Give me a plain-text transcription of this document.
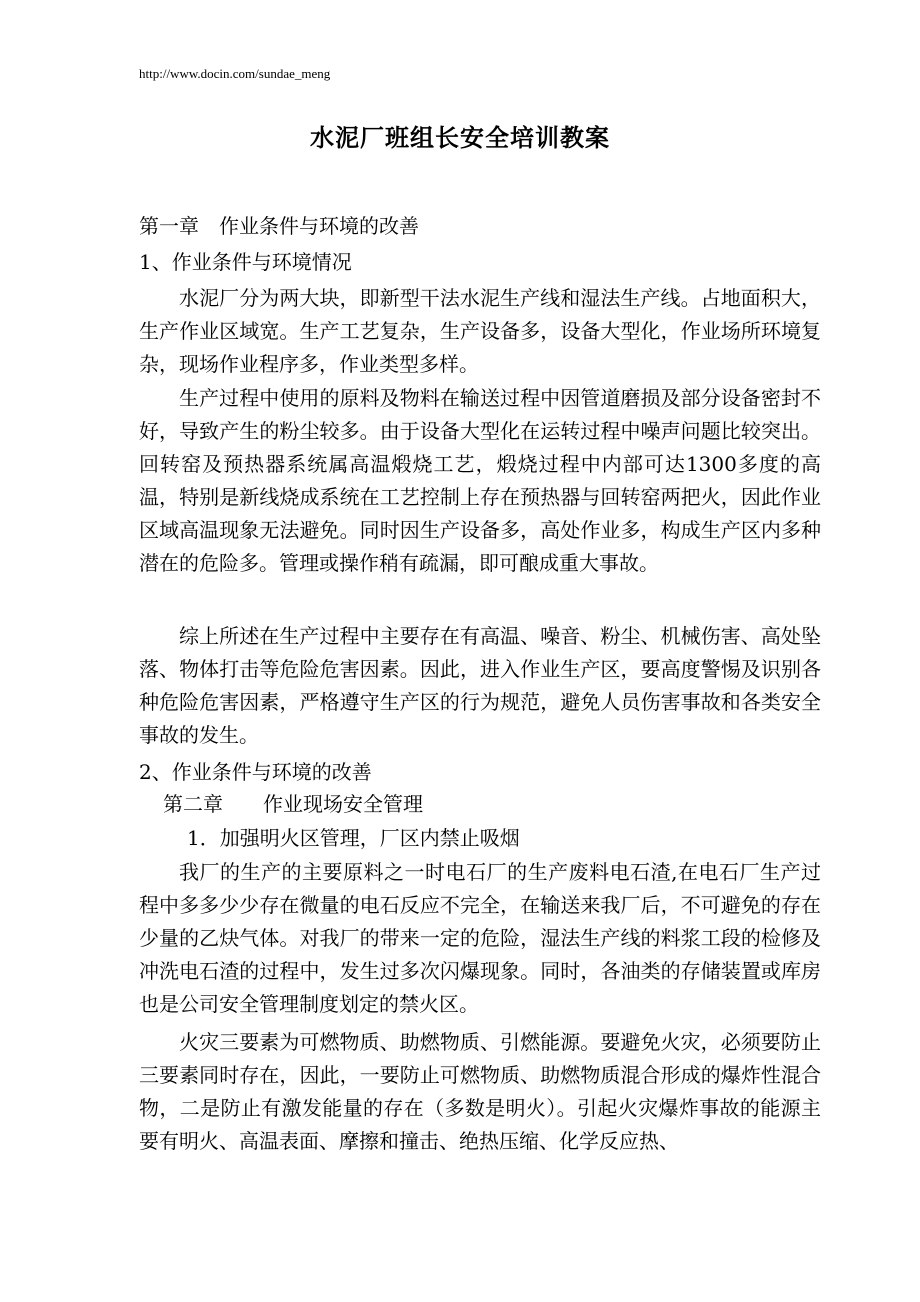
http://www.docin.com/sundae_meng
水泥厂班组长安全培训教案
第一章　作业条件与环境的改善
1、作业条件与环境情况
水泥厂分为两大块，即新型干法水泥生产线和湿法生产线。占地面积大，生产作业区域宽。生产工艺复杂，生产设备多，设备大型化，作业场所环境复杂，现场作业程序多，作业类型多样。
生产过程中使用的原料及物料在输送过程中因管道磨损及部分设备密封不好，导致产生的粉尘较多。由于设备大型化在运转过程中噪声问题比较突出。回转窑及预热器系统属高温煅烧工艺，煅烧过程中内部可达1300多度的高温，特别是新线烧成系统在工艺控制上存在预热器与回转窑两把火，因此作业区域高温现象无法避免。同时因生产设备多，高处作业多，构成生产区内多种潜在的危险多。管理或操作稍有疏漏，即可酿成重大事故。
综上所述在生产过程中主要存在有高温、噪音、粉尘、机械伤害、高处坠落、物体打击等危险危害因素。因此，进入作业生产区，要高度警惕及识别各种危险危害因素，严格遵守生产区的行为规范，避免人员伤害事故和各类安全事故的发生。
2、作业条件与环境的改善
第二章　　作业现场安全管理
1．加强明火区管理，厂区内禁止吸烟
我厂的生产的主要原料之一时电石厂的生产废料电石渣,在电石厂生产过程中多多少少存在微量的电石反应不完全，在输送来我厂后，不可避免的存在少量的乙炔气体。对我厂的带来一定的危险，湿法生产线的料浆工段的检修及冲洗电石渣的过程中，发生过多次闪爆现象。同时，各油类的存储装置或库房也是公司安全管理制度划定的禁火区。
火灾三要素为可燃物质、助燃物质、引燃能源。要避免火灾，必须要防止三要素同时存在，因此，一要防止可燃物质、助燃物质混合形成的爆炸性混合物，二是防止有激发能量的存在（多数是明火）。引起火灾爆炸事故的能源主要有明火、高温表面、摩擦和撞击、绝热压缩、化学反应热、
